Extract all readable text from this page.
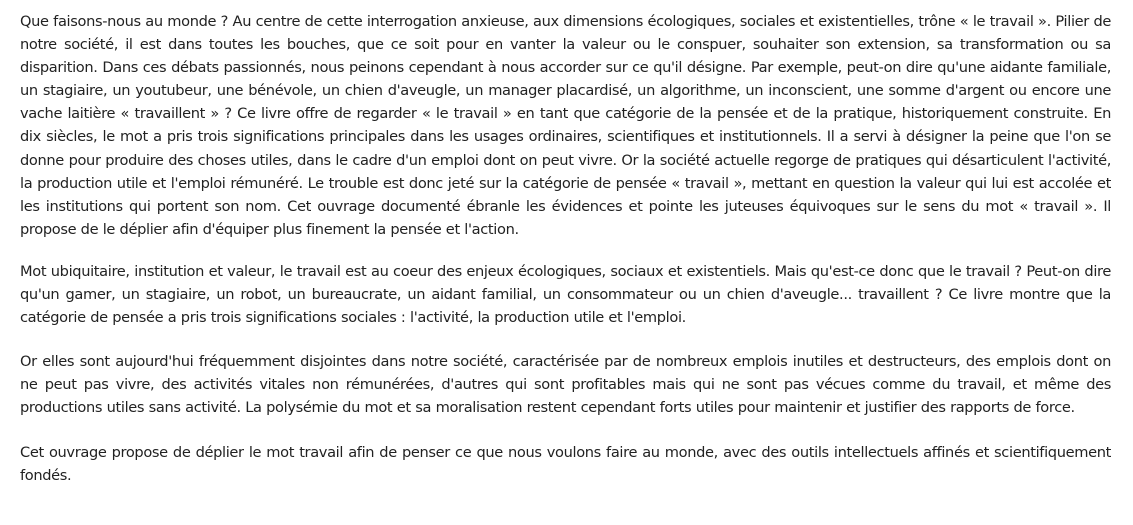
Que faisons-nous au monde ? Au centre de cette interrogation anxieuse, aux dimensions écologiques, sociales et existentielles, trône « le travail ». Pilier de notre société, il est dans toutes les bouches, que ce soit pour en vanter la valeur ou le conspuer, souhaiter son extension, sa transformation ou sa disparition. Dans ces débats passionnés, nous peinons cependant à nous accorder sur ce qu'il désigne. Par exemple, peut-on dire qu'une aidante familiale, un stagiaire, un youtubeur, une bénévole, un chien d'aveugle, un manager placardisé, un algorithme, un inconscient, une somme d'argent ou encore une vache laitière « travaillent » ? Ce livre offre de regarder « le travail » en tant que catégorie de la pensée et de la pratique, historiquement construite. En dix siècles, le mot a pris trois significations principales dans les usages ordinaires, scientifiques et institutionnels. Il a servi à désigner la peine que l'on se donne pour produire des choses utiles, dans le cadre d'un emploi dont on peut vivre. Or la société actuelle regorge de pratiques qui désarticulent l'activité, la production utile et l'emploi rémunéré. Le trouble est donc jeté sur la catégorie de pensée « travail », mettant en question la valeur qui lui est accolée et les institutions qui portent son nom. Cet ouvrage documenté ébranle les évidences et pointe les juteuses équivoques sur le sens du mot « travail ». Il propose de le déplier afin d'équiper plus finement la pensée et l'action.

Mot ubiquitaire, institution et valeur, le travail est au coeur des enjeux écologiques, sociaux et existentiels. Mais qu'est-ce donc que le travail ? Peut-on dire qu'un gamer, un stagiaire, un robot, un bureaucrate, un aidant familial, un consommateur ou un chien d'aveugle... travaillent ? Ce livre montre que la catégorie de pensée a pris trois significations sociales : l'activité, la production utile et l'emploi.

Or elles sont aujourd'hui fréquemment disjointes dans notre société, caractérisée par de nombreux emplois inutiles et destructeurs, des emplois dont on ne peut pas vivre, des activités vitales non rémunérées, d'autres qui sont profitables mais qui ne sont pas vécues comme du travail, et même des productions utiles sans activité. La polysémie du mot et sa moralisation restent cependant forts utiles pour maintenir et justifier des rapports de force.

Cet ouvrage propose de déplier le mot travail afin de penser ce que nous voulons faire au monde, avec des outils intellectuels affinés et scientifiquement fondés.
